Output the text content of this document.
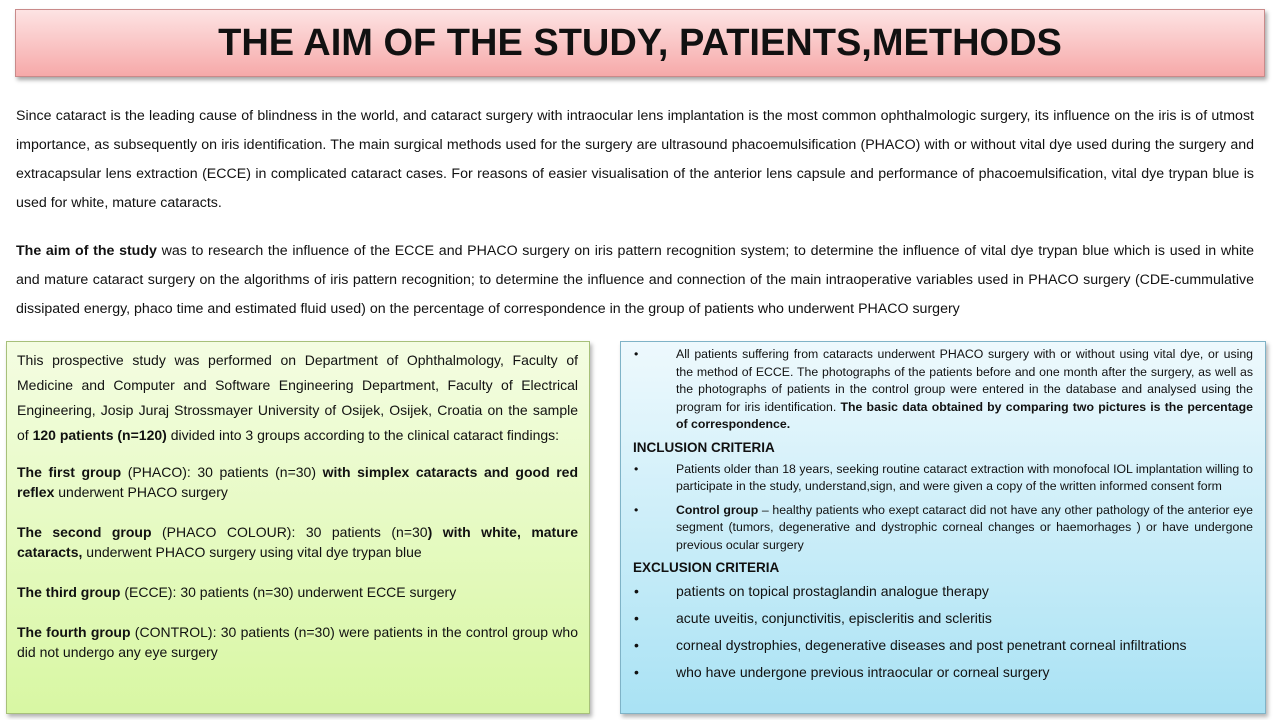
THE AIM OF THE STUDY, PATIENTS,METHODS

Since cataract is the leading cause of blindness in the world, and cataract surgery with intraocular lens implantation is the most common ophthalmologic surgery, its influence on the iris is of utmost importance, as subsequently on iris identification. The main surgical methods used for the surgery are ultrasound phacoemulsification (PHACO) with or without vital dye used during the surgery and extracapsular lens extraction (ECCE) in complicated cataract cases. For reasons of easier visualisation of the anterior lens capsule and performance of phacoemulsification, vital dye trypan blue is used for white, mature cataracts.

The aim of the study was to research the influence of the ECCE and PHACO surgery on iris pattern recognition system; to determine the influence of vital dye trypan blue which is used in white and mature cataract surgery on the algorithms of iris pattern recognition; to determine the influence and connection of the main intraoperative variables used in PHACO surgery (CDE-cummulative dissipated energy, phaco time and estimated fluid used) on the percentage of correspondence in the group of patients who underwent PHACO surgery

This prospective study was performed on Department of Ophthalmology, Faculty of Medicine and Computer and Software Engineering Department, Faculty of Electrical Engineering, Josip Juraj Strossmayer University of Osijek, Osijek, Croatia on the sample of 120 patients (n=120) divided into 3 groups according to the clinical cataract findings:

The first group (PHACO): 30 patients (n=30) with simplex cataracts and good red reflex underwent PHACO surgery

The second group (PHACO COLOUR): 30 patients (n=30) with white, mature cataracts, underwent PHACO surgery using vital dye trypan blue

The third group (ECCE): 30 patients (n=30) underwent ECCE surgery

The fourth group (CONTROL): 30 patients (n=30) were patients in the control group who did not undergo any eye surgery

•	All patients suffering from cataracts underwent PHACO surgery with or without using vital dye, or using the method of ECCE. The photographs of the patients before and one month after the surgery, as well as the photographs of patients in the control group were entered in the database and analysed using the program for iris identification. The basic data obtained by comparing two pictures is the percentage of correspondence.
INCLUSION CRITERIA
•	Patients older than 18 years, seeking routine cataract extraction with monofocal IOL implantation willing to participate in the study, understand,sign, and were given a copy of the written informed consent form
•	Control group – healthy patients who exept cataract did not have any other pathology of the anterior eye segment (tumors, degenerative and dystrophic corneal changes or haemorhages ) or have undergone previous ocular surgery
EXCLUSION CRITERIA
•	patients on topical prostaglandin analogue therapy
•	acute uveitis, conjunctivitis, episcleritis and scleritis
•	corneal dystrophies, degenerative diseases and post penetrant corneal infiltrations
•	who have undergone previous intraocular or corneal surgery
